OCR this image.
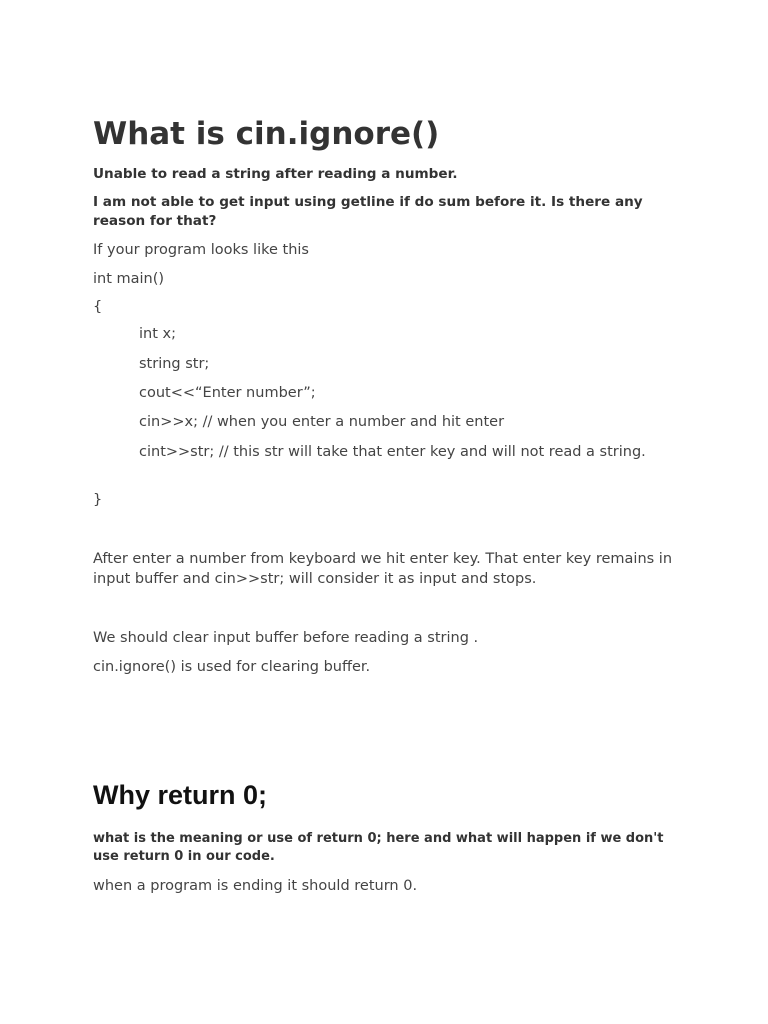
What is cin.ignore()

Unable to read a string after reading a number.

I am not able to get input using getline if do sum before it. Is there any reason for that?

If your program looks like this

int main()

{

int x;

string str;

cout<<“Enter number”;

cin>>x; // when you enter a number and hit enter

cint>>str; // this str will take that enter key and will not read a string.

}

After enter a number from keyboard we hit enter key. That enter key remains in input buffer and cin>>str; will consider it as input and stops.

We should clear input buffer before reading a string .

cin.ignore() is used for clearing buffer.

Why return 0;

what is the meaning or use of return 0; here and what will happen if we don't use return 0 in our code.

when a program is ending it should return 0.
